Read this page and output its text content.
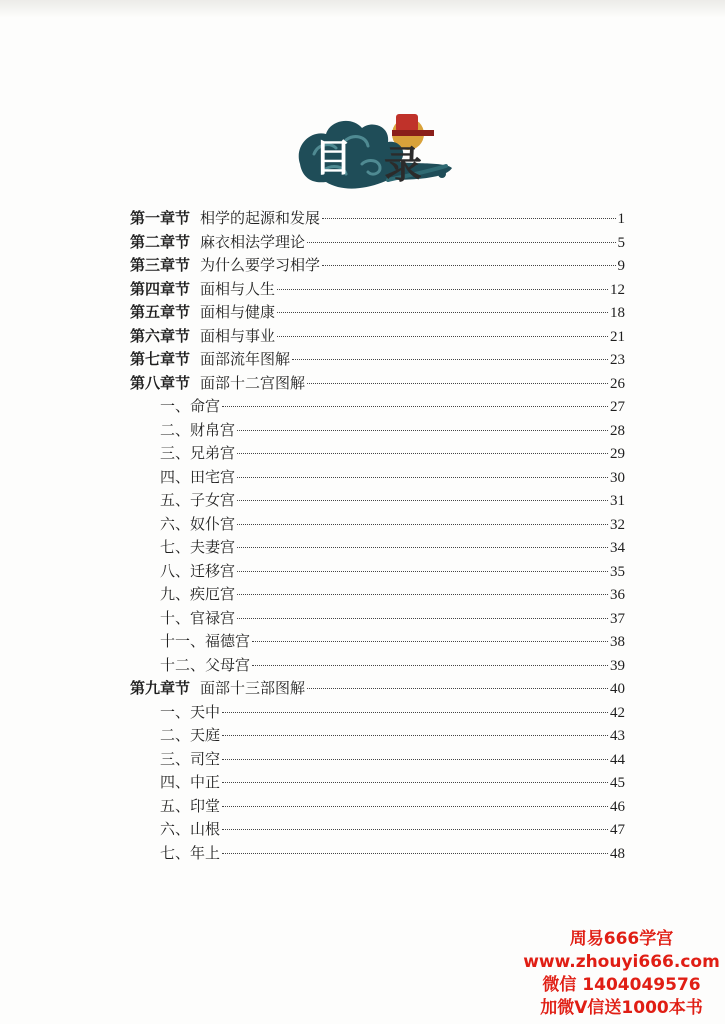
目 录
第一章节 相学的起源和发展	1
第二章节 麻衣相法学理论	5
第三章节 为什么要学习相学	9
第四章节 面相与人生	12
第五章节 面相与健康	18
第六章节 面相与事业	21
第七章节 面部流年图解	23
第八章节 面部十二宫图解	26
一、命宫	27
二、财帛宫	28
三、兄弟宫	29
四、田宅宫	30
五、子女宫	31
六、奴仆宫	32
七、夫妻宫	34
八、迁移宫	35
九、疾厄宫	36
十、官禄宫	37
十一、福德宫	38
十二、父母宫	39
第九章节 面部十三部图解	40
一、天中	42
二、天庭	43
三、司空	44
四、中正	45
五、印堂	46
六、山根	47
七、年上	48
周易666学宫
www.zhouyi666.com
微信 1404049576
加微V信送1000本书
